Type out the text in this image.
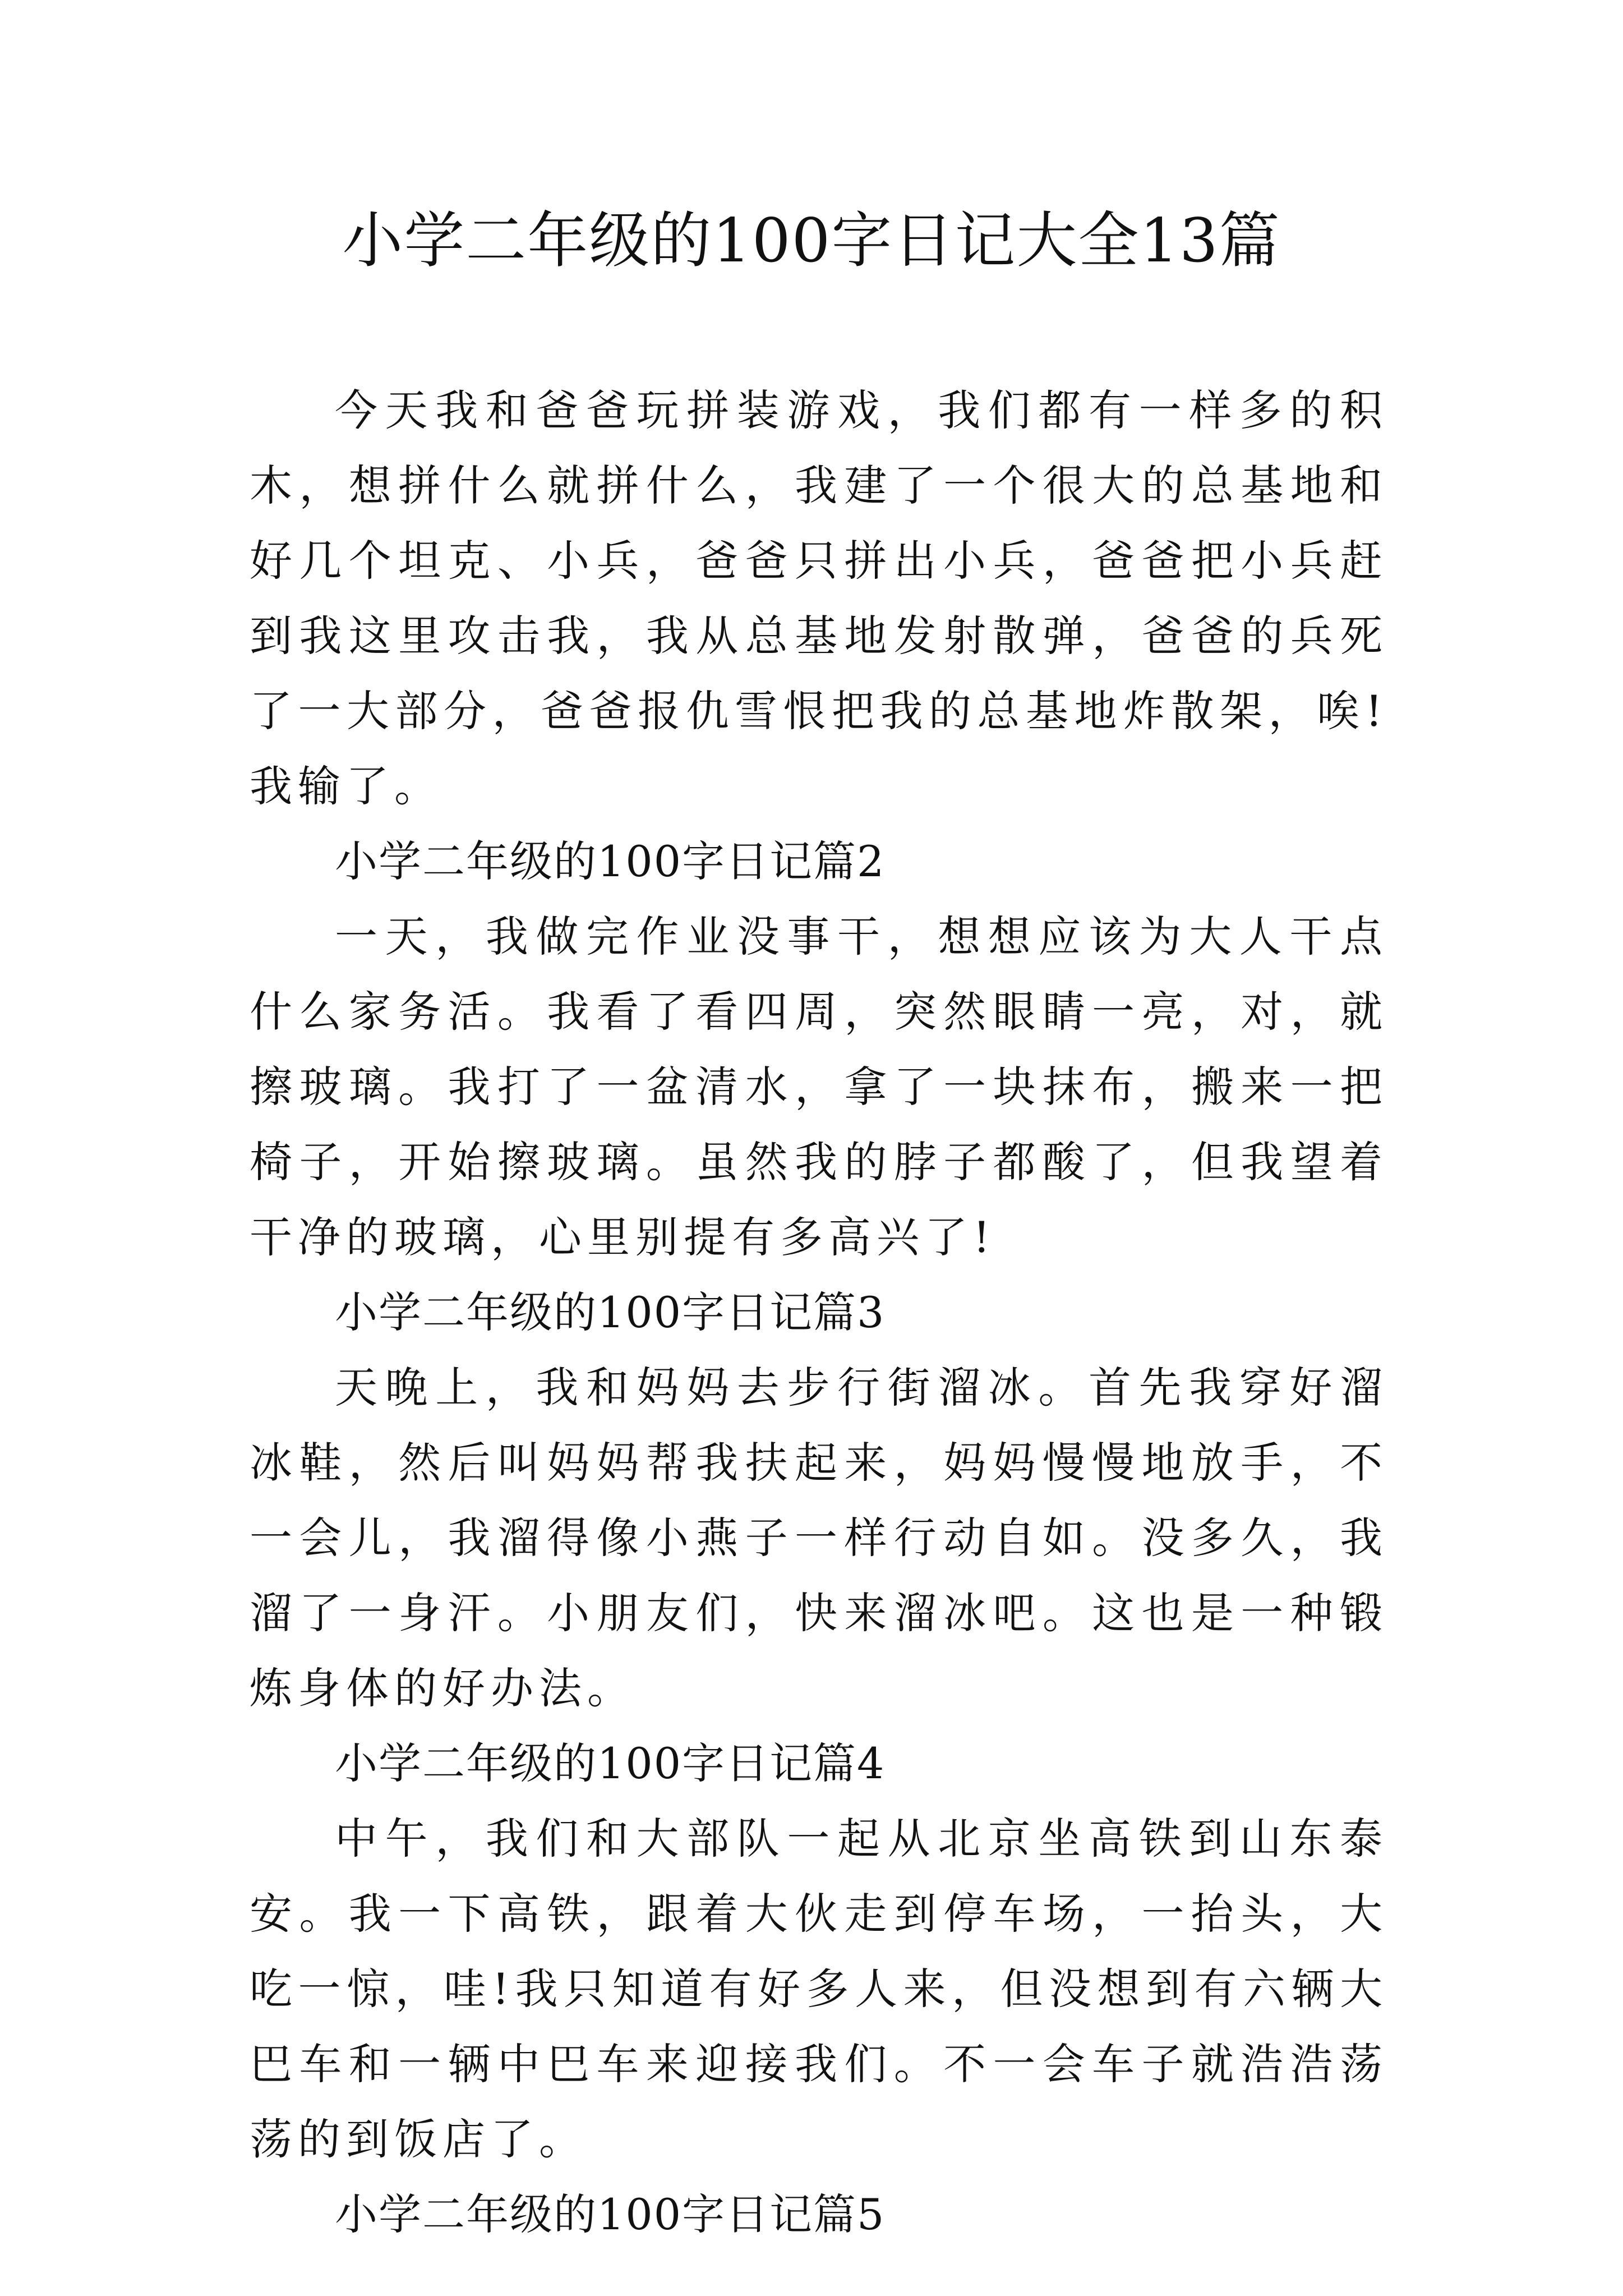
小学二年级的100字日记大全13篇

今天我和爸爸玩拼装游戏，我们都有一样多的积木，想拼什么就拼什么，我建了一个很大的总基地和好几个坦克、小兵，爸爸只拼出小兵，爸爸把小兵赶到我这里攻击我，我从总基地发射散弹，爸爸的兵死了一大部分，爸爸报仇雪恨把我的总基地炸散架，唉!我输了。

小学二年级的100字日记篇2

一天，我做完作业没事干，想想应该为大人干点什么家务活。我看了看四周，突然眼睛一亮，对，就擦玻璃。我打了一盆清水，拿了一块抹布，搬来一把椅子，开始擦玻璃。虽然我的脖子都酸了，但我望着干净的玻璃，心里别提有多高兴了!

小学二年级的100字日记篇3

天晚上，我和妈妈去步行街溜冰。首先我穿好溜冰鞋，然后叫妈妈帮我扶起来，妈妈慢慢地放手，不一会儿，我溜得像小燕子一样行动自如。没多久，我溜了一身汗。小朋友们，快来溜冰吧。这也是一种锻炼身体的好办法。

小学二年级的100字日记篇4

中午，我们和大部队一起从北京坐高铁到山东泰安。我一下高铁，跟着大伙走到停车场，一抬头，大吃一惊，哇!我只知道有好多人来，但没想到有六辆大巴车和一辆中巴车来迎接我们。不一会车子就浩浩荡荡的到饭店了。

小学二年级的100字日记篇5
